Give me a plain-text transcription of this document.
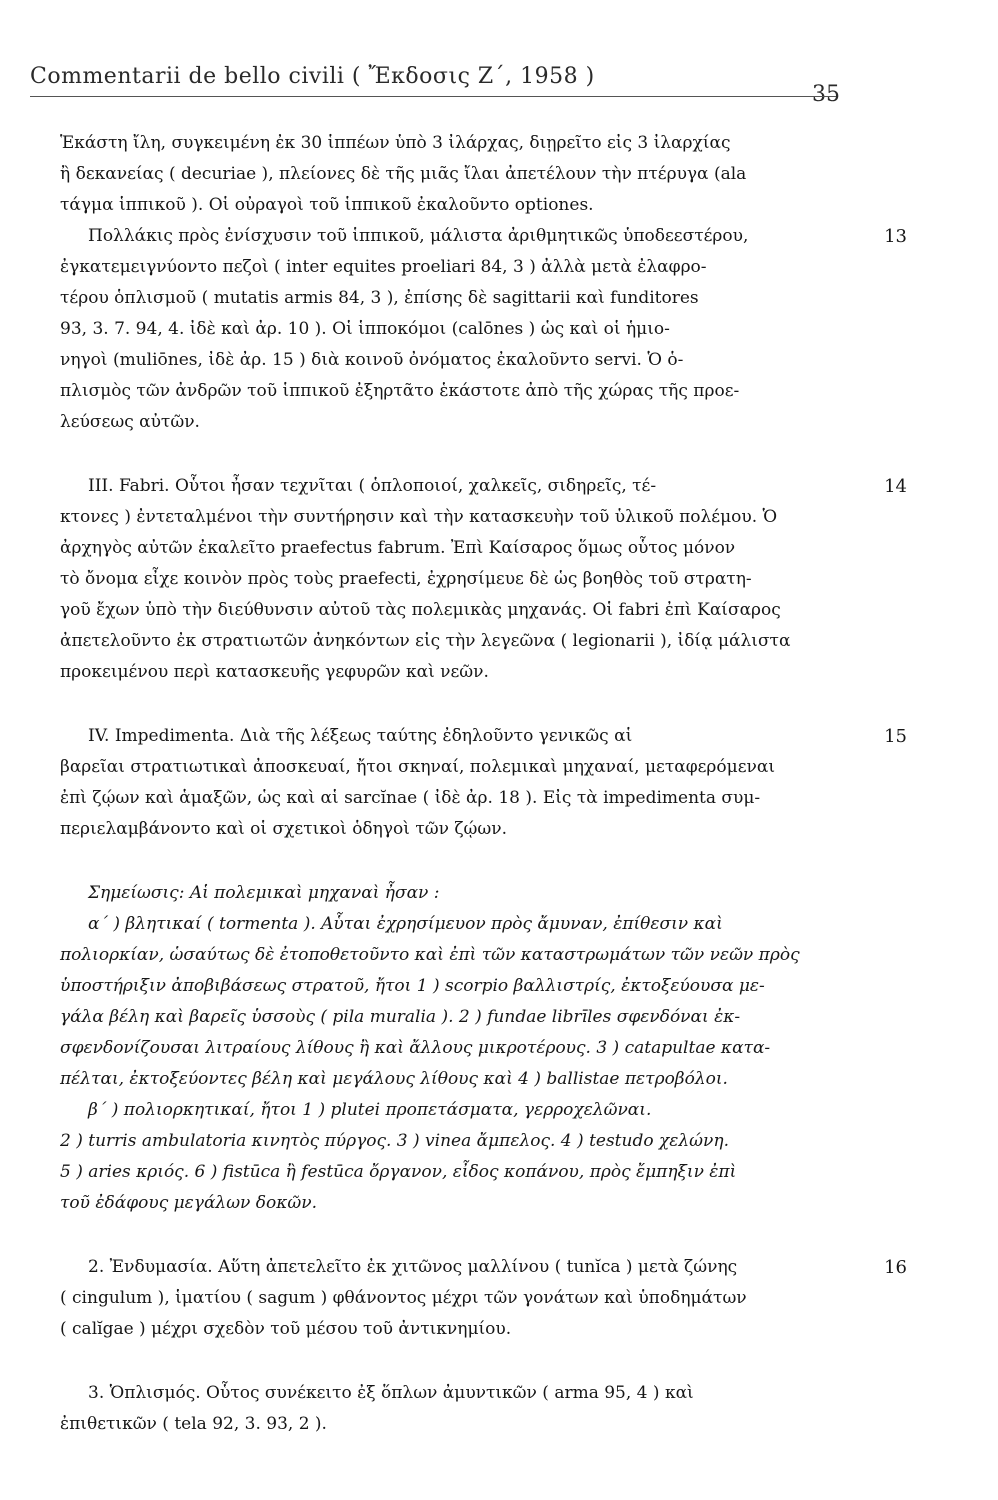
Commentarii de bello civili ( Ἔκδοσις Ζ΄, 1958 )
35
Ἑκάστη ἴλη, συγκειμένη ἐκ 30 ἱππέων ὑπὸ 3 ἰλάρχας, διῃρεῖτο εἰς 3 ἰλαρχίας
ἢ δεκανείας ( decuriae ), πλείονες δὲ τῆς μιᾶς ἴλαι ἀπετέλουν τὴν πτέρυγα (ala
τάγμα ἱππικοῦ ). Οἱ οὐραγοὶ τοῦ ἱππικοῦ ἐκαλοῦντο optiones.
Πολλάκις πρὸς ἐνίσχυσιν τοῦ ἱππικοῦ, μάλιστα ἀριθμητικῶς ὑποδεεστέρου,	13
ἐγκατεμειγνύοντο πεζοὶ ( inter equites proeliari 84, 3 ) ἀλλὰ μετὰ ἐλαφρο-
τέρου ὁπλισμοῦ ( mutatis armis 84, 3 ), ἐπίσης δὲ sagittarii καὶ funditores
93, 3. 7. 94, 4. ἰδὲ καὶ ἀρ. 10 ). Οἱ ἱπποκόμοι (calōnes ) ὡς καὶ οἱ ἡμιο-
νηγοὶ (muliōnes, ἰδὲ ἀρ. 15 ) διὰ κοινοῦ ὀνόματος ἐκαλοῦντο servi. Ὁ ὁ-
πλισμὸς τῶν ἀνδρῶν τοῦ ἱππικοῦ ἐξηρτᾶτο ἑκάστοτε ἀπὸ τῆς χώρας τῆς προε-
λεύσεως αὐτῶν.
III. Fabri. Οὗτοι ἦσαν τεχνῖται ( ὁπλοποιοί, χαλκεῖς, σιδηρεῖς, τέ-	14
κτονες ) ἐντεταλμένοι τὴν συντήρησιν καὶ τὴν κατασκευὴν τοῦ ὑλικοῦ πολέμου. Ὁ
ἀρχηγὸς αὐτῶν ἐκαλεῖτο praefectus fabrum. Ἐπὶ Καίσαρος ὅμως οὗτος μόνον
τὸ ὄνομα εἶχε κοινὸν πρὸς τοὺς praefecti, ἐχρησίμευε δὲ ὡς βοηθὸς τοῦ στρατη-
γοῦ ἔχων ὑπὸ τὴν διεύθυνσιν αὐτοῦ τὰς πολεμικὰς μηχανάς. Οἱ fabri ἐπὶ Καίσαρος
ἀπετελοῦντο ἐκ στρατιωτῶν ἀνηκόντων εἰς τὴν λεγεῶνα ( legionarii ), ἰδίᾳ μάλιστα
προκειμένου περὶ κατασκευῆς γεφυρῶν καὶ νεῶν.
IV. Impedimenta. Διὰ τῆς λέξεως ταύτης ἐδηλοῦντο γενικῶς αἱ	15
βαρεῖαι στρατιωτικαὶ ἀποσκευαί, ἤτοι σκηναί, πολεμικαὶ μηχαναί, μεταφερόμεναι
ἐπὶ ζῴων καὶ ἁμαξῶν, ὡς καὶ αἱ sarcĭnae ( ἰδὲ ἀρ. 18 ). Εἰς τὰ impedimenta συμ-
περιελαμβάνοντο καὶ οἱ σχετικοὶ ὁδηγοὶ τῶν ζῴων.
Σημείωσις: Αἱ πολεμικαὶ μηχαναὶ ἦσαν :
α΄ ) βλητικαί ( tormenta ). Αὗται ἐχρησίμευον πρὸς ἄμυναν, ἐπίθεσιν καὶ
πολιορκίαν, ὡσαύτως δὲ ἐτοποθετοῦντο καὶ ἐπὶ τῶν καταστρωμάτων τῶν νεῶν πρὸς
ὑποστήριξιν ἀποβιβάσεως στρατοῦ, ἤτοι 1 ) scorpio βαλλιστρίς, ἐκτοξεύουσα με-
γάλα βέλη καὶ βαρεῖς ὑσσοὺς ( pila muralia ). 2 ) fundae librīles σφενδόναι ἐκ-
σφενδονίζουσαι λιτραίους λίθους ἢ καὶ ἄλλους μικροτέρους. 3 ) catapultae κατα-
πέλται, ἐκτοξεύοντες βέλη καὶ μεγάλους λίθους καὶ 4 ) ballistae πετροβόλοι.
β΄ ) πολιορκητικαί, ἤτοι 1 ) plutei προπετάσματα, γερροχελῶναι.
2 ) turris ambulatoria κινητὸς πύργος. 3 ) vinea ἄμπελος. 4 ) testudo χελώνη.
5 ) aries κριός. 6 ) fistūca ἢ festūca ὄργανον, εἶδος κοπάνου, πρὸς ἔμπηξιν ἐπὶ
τοῦ ἐδάφους μεγάλων δοκῶν.
2. Ἐνδυμασία. Αὕτη ἀπετελεῖτο ἐκ χιτῶνος μαλλίνου ( tunĭca ) μετὰ ζώνης	16
( cingulum ), ἱματίου ( sagum ) φθάνοντος μέχρι τῶν γονάτων καὶ ὑποδημάτων
( calĭgae ) μέχρι σχεδὸν τοῦ μέσου τοῦ ἀντικνημίου.
3. Ὁπλισμός. Οὗτος συνέκειτο ἐξ ὅπλων ἀμυντικῶν ( arma 95, 4 ) καὶ
ἐπιθετικῶν ( tela 92, 3. 93, 2 ).
